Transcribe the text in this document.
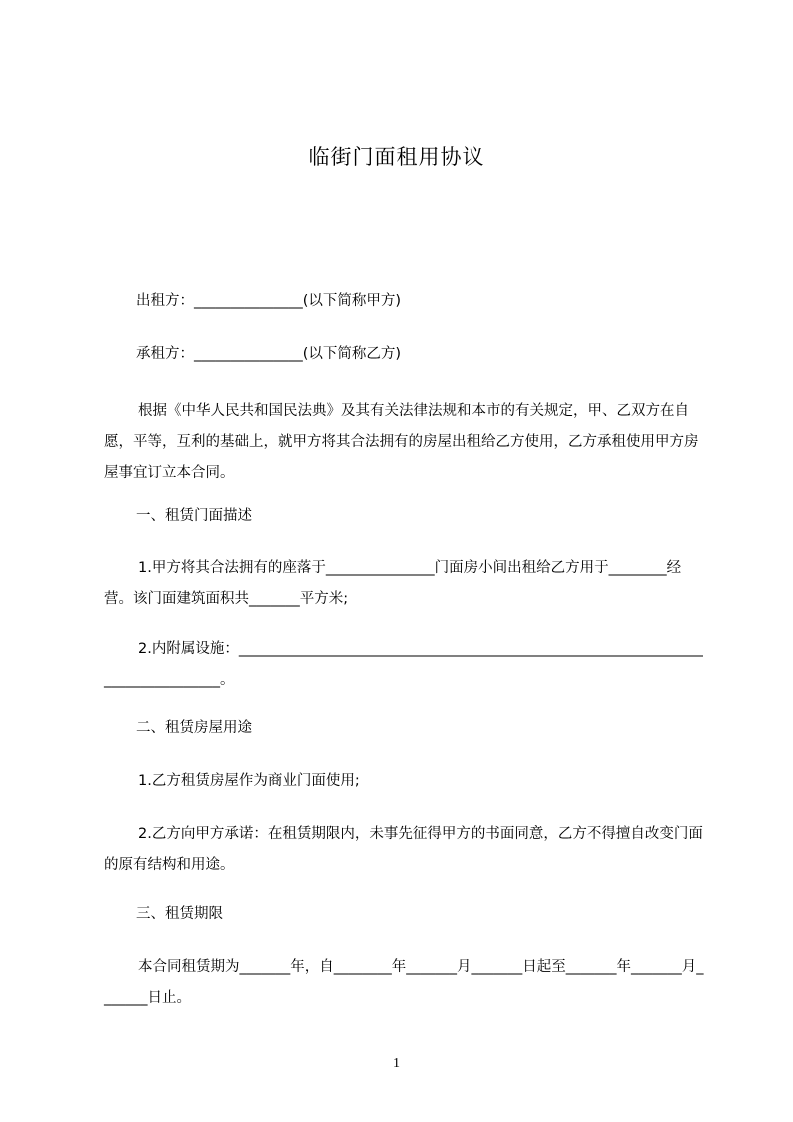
临街门面租用协议
出租方：_______________(以下简称甲方)
承租方：_______________(以下简称乙方)
根据《中华人民共和国民法典》及其有关法律法规和本市的有关规定，甲、乙双方在自愿，平等，互利的基础上，就甲方将其合法拥有的房屋出租给乙方使用，乙方承租使用甲方房屋事宜订立本合同。
一、租赁门面描述
1.甲方将其合法拥有的座落于_______________门面房小间出租给乙方用于________经营。该门面建筑面积共_______平方米;
2.内附属设施：________________________________________________________________________________。
二、租赁房屋用途
1.乙方租赁房屋作为商业门面使用;
2.乙方向甲方承诺：在租赁期限内，未事先征得甲方的书面同意，乙方不得擅自改变门面的原有结构和用途。
三、租赁期限
本合同租赁期为_______年，自________年_______月_______日起至_______年_______月_______日止。
1
